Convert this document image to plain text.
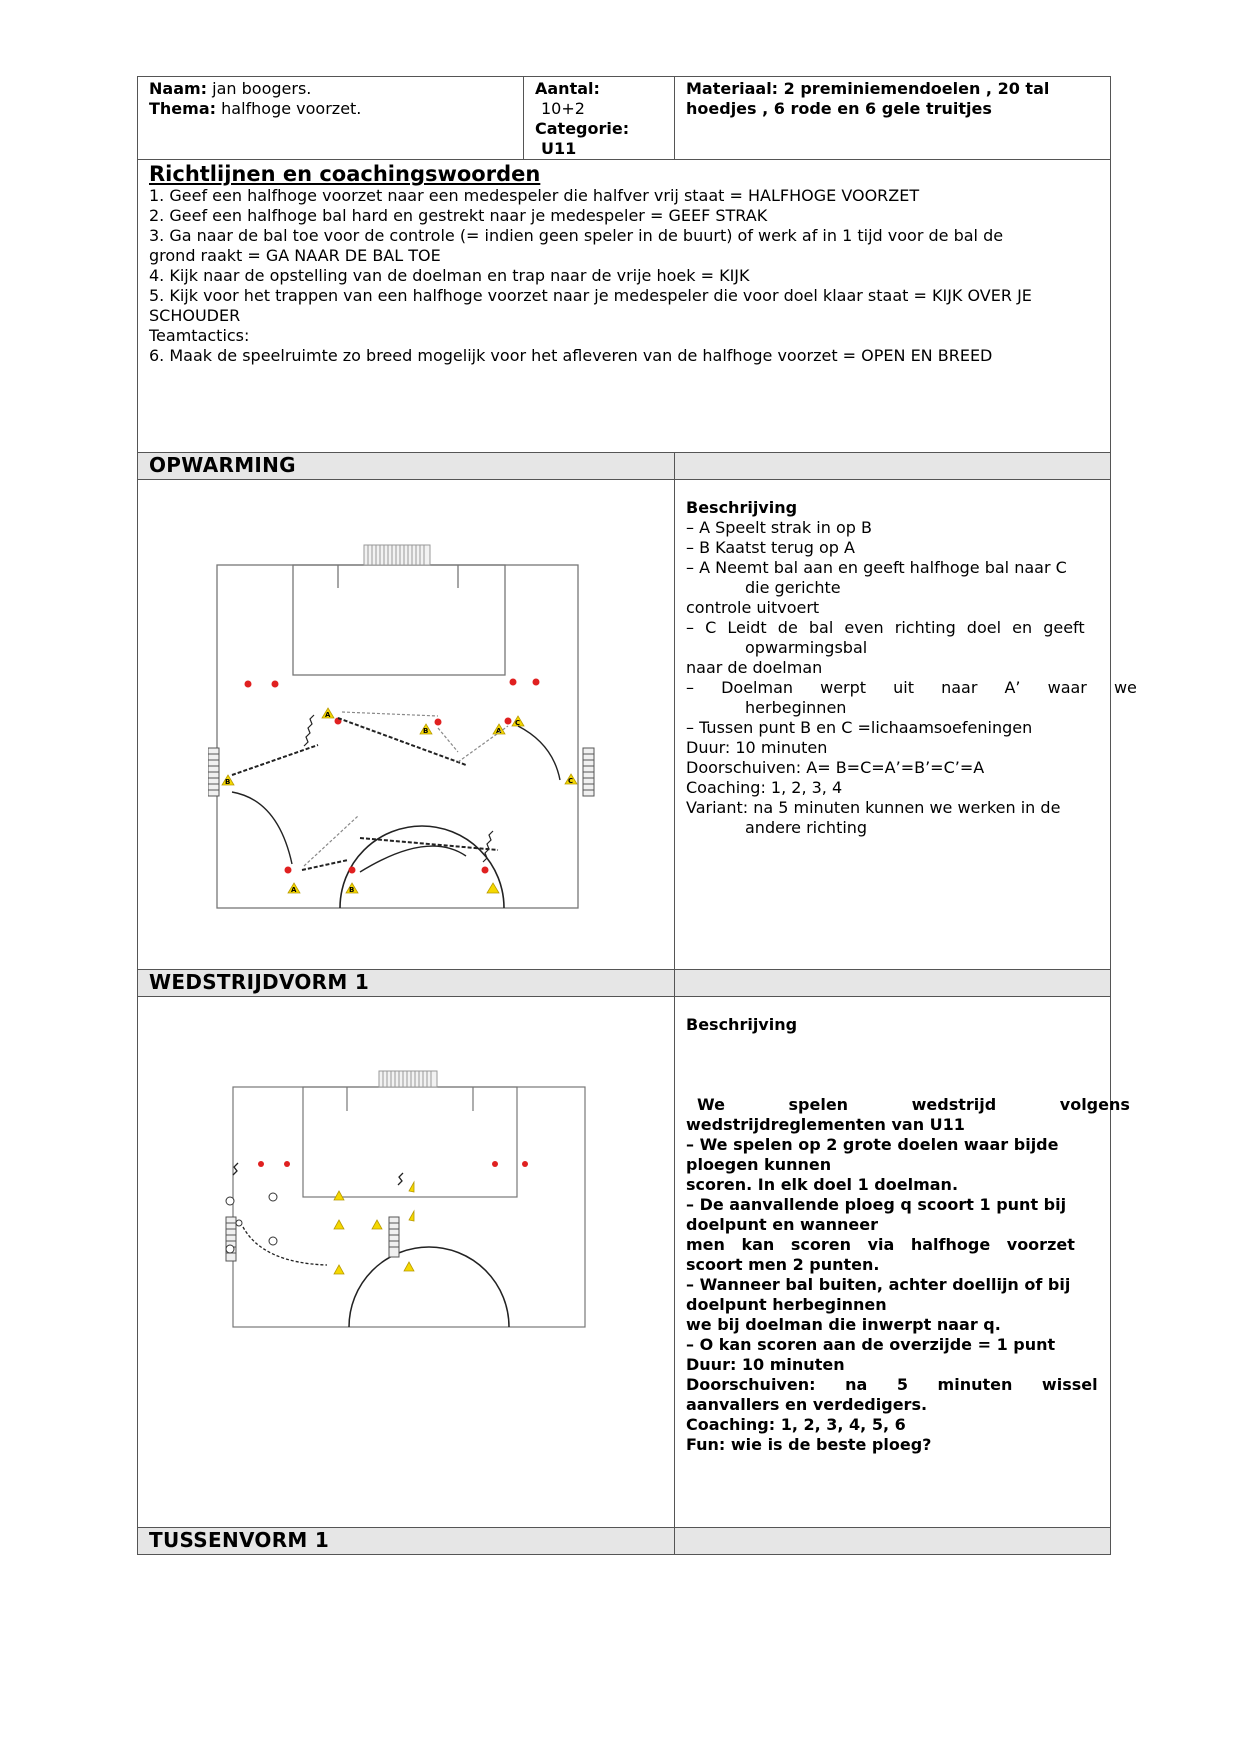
Naam: jan boogers.
Thema: halfhoge voorzet.
Aantal:
10+2
Categorie:
U11
Materiaal: 2 preminiemendoelen , 20 tal
hoedjes , 6 rode en 6 gele truitjes
Richtlijnen en coachingswoorden
1. Geef een halfhoge voorzet naar een medespeler die halfver vrij staat = HALFHOGE VOORZET
2. Geef een halfhoge bal hard en gestrekt naar je medespeler = GEEF STRAK
3. Ga naar de bal toe voor de controle (= indien geen speler in de buurt) of werk af in 1 tijd voor de bal de
grond raakt = GA NAAR DE BAL TOE
4. Kijk naar de opstelling van de doelman en trap naar de vrije hoek = KIJK
5. Kijk voor het trappen van een halfhoge voorzet naar je medespeler die voor doel klaar staat = KIJK OVER JE
SCHOUDER
Teamtactics:
6. Maak de speelruimte zo breed mogelijk voor het afleveren van de halfhoge voorzet = OPEN EN BREED
OPWARMING
A
B
C
A
B	C
A	B
Beschrijving
– A Speelt strak in op B
– B Kaatst terug op A
– A Neemt bal aan en geeft halfhoge bal naar C
die gerichte
controle uitvoert
– C Leidt de bal even richting doel en geeft
opwarmingsbal
naar de doelman
– Doelman werpt uit naar A’ waar we
herbeginnen
– Tussen punt B en C =lichaamsoefeningen
Duur: 10 minuten
Doorschuiven: A= B=C=A’=B’=C’=A
Coaching: 1, 2, 3, 4
Variant: na 5 minuten kunnen we werken in de
andere richting
WEDSTRIJDVORM 1
Beschrijving
We spelen wedstrijd volgens
wedstrijdreglementen van U11
– We spelen op 2 grote doelen waar bijde
ploegen kunnen
scoren. In elk doel 1 doelman.
– De aanvallende ploeg q scoort 1 punt bij
doelpunt en wanneer
men kan scoren via halfhoge voorzet
scoort men 2 punten.
– Wanneer bal buiten, achter doellijn of bij
doelpunt herbeginnen
we bij doelman die inwerpt naar q.
– O kan scoren aan de overzijde = 1 punt
Duur: 10 minuten
Doorschuiven: na 5 minuten wissel
aanvallers en verdedigers.
Coaching: 1, 2, 3, 4, 5, 6
Fun: wie is de beste ploeg?
TUSSENVORM 1
